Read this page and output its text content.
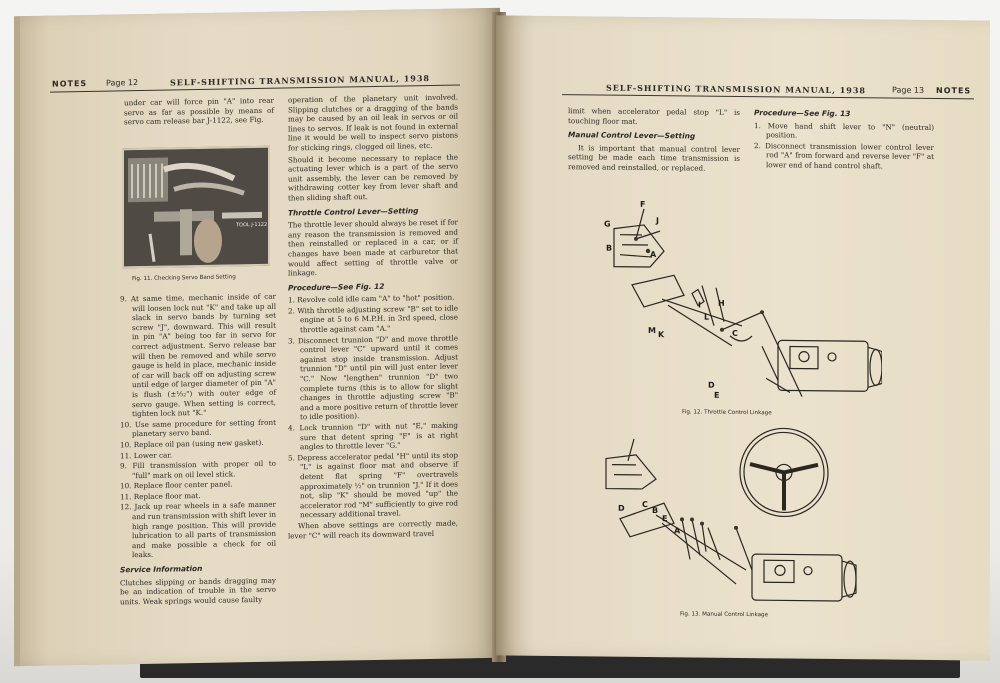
NOTES Page 12	SELF-SHIFTING TRANSMISSION MANUAL, 1938
under car will force pin "A" into rear servo as far as possible by means of servo cam release bar J-1122, see Fig.
TOOL J-1122
Fig. 11. Checking Servo Band Setting
9. At same time, mechanic inside of car will loosen lock nut "K" and take up all slack in servo bands by turning set screw "J", downward. This will result in pin "A" being too far in servo for correct adjustment. Servo release bar will then be removed and while servo gauge is held in place, mechanic inside of car will back off on adjusting screw until edge of larger diameter of pin "A" is flush (±¹⁄₃₂") with outer edge of servo gauge. When setting is correct, tighten lock nut "K."
10. Use same procedure for setting front planetary servo band.
10. Replace oil pan (using new gasket).
11. Lower car.
9. Fill transmission with proper oil to "full" mark on oil level stick.
10. Replace floor center panel.
11. Replace floor mat.
12. Jack up rear wheels in a safe manner and run transmission with shift lever in high range position. This will provide lubrication to all parts of transmission and make possible a check for oil leaks.
Service Information

Clutches slipping or bands dragging may be an indication of trouble in the servo units. Weak springs would cause faulty

operation of the planetary unit involved. Slipping clutches or a dragging of the bands may be caused by an oil leak in servos or oil lines to servos. If leak is not found in external line it would be well to inspect servo pistons for sticking rings, clogged oil lines, etc.

Should it become necessary to replace the actuating lever which is a part of the servo unit assembly, the lever can be removed by withdrawing cotter key from lever shaft and then sliding shaft out.

Throttle Control Lever—Setting

The throttle lever should always be reset if for any reason the transmission is removed and then reinstalled or replaced in a car, or if changes have been made at carburetor that would affect setting of throttle valve or linkage.

Procedure—See Fig. 12
1. Revolve cold idle cam "A" to "hot" position.
2. With throttle adjusting screw "B" set to idle engine at 5 to 6 M.P.H. in 3rd speed, close throttle against cam "A."
3. Disconnect trunnion "D" and move throttle control lever "C" upward until it comes against stop inside transmission. Adjust trunnion "D" until pin will just enter lever "C." Now "lengthen" trunnion "D" two complete turns (this is to allow for slight changes in throttle adjusting screw "B" and a more positive return of throttle lever to idle position).
4. Lock trunnion "D" with nut "E," making sure that detent spring "F" is at right angles to throttle lever "G."
5. Depress accelerator pedal "H" until its stop "L" is against floor mat and observe if detent flat spring "F" overtravels approximately ½" on trunnion "J." If it does not, slip "K" should be moved "up" the accelerator rod "M" sufficiently to give rod necessary additional travel.

When above settings are correctly made, lever "C" will reach its downward travel

SELF-SHIFTING TRANSMISSION MANUAL, 1938	Page 13 NOTES

limit when accelerator pedal stop "L" is touching floor mat.

Manual Control Lever—Setting

It is important that manual control lever setting be made each time transmission is removed and reinstalled, or replaced.

Procedure—See Fig. 13
1. Move hand shift lever to "N" (neutral) position.
2. Disconnect transmission lower control lever rod "A" from forward and reverse lever "F" at lower end of hand control shaft.
F
G	J
B
A
H
I
L
M K	C
D
E
Fig. 12. Throttle Control Linkage
D C
B
E
A
Fig. 13. Manual Control Linkage
